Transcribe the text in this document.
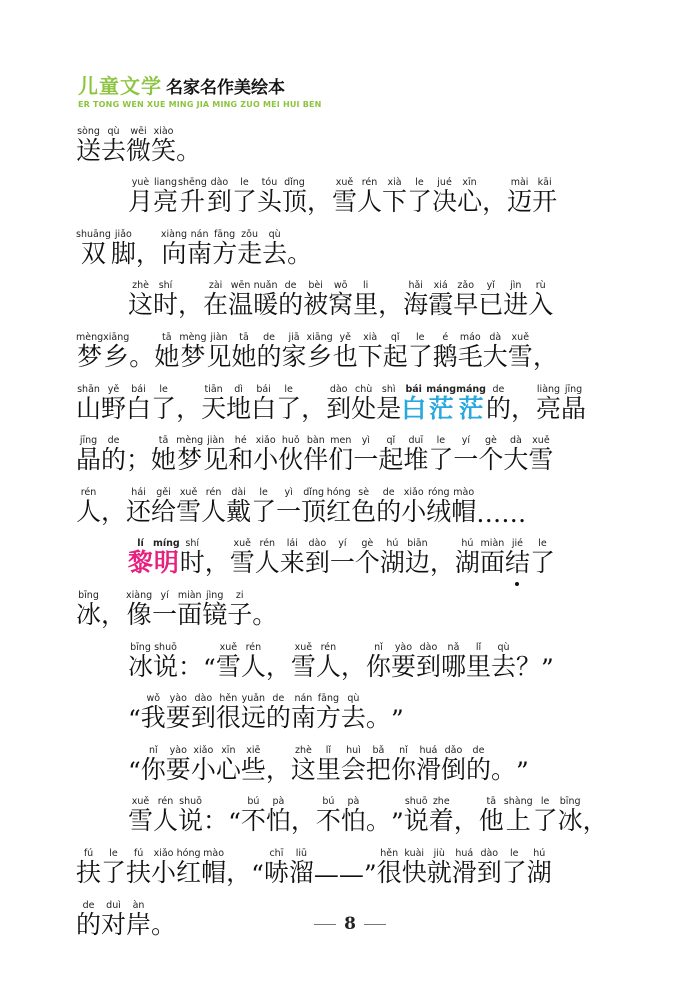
儿童文学 名家名作美绘本
ER TONG WEN XUE MING JIA MING ZUO MEI HUI BEN
送sòng
去qù
微wēi
笑xiào
。
月yuè
亮liang
升shēng
到dào
了le
头tóu
顶dǐng
， 雪xuě
人rén
下xià
了le
决jué
心xīn
， 迈mài
开kāi
双shuāng
脚jiǎo
， 向xiàng
南nán
方fāng
走zǒu
去qù
。
这zhè
时shí
， 在zài
温wēn
暖nuǎn
的de
被bèi
窝wō
里li
， 海hǎi
霞xiá
早zǎo
已yǐ
进jìn
入rù
梦mèng
乡xiāng
。 她tā
梦mèng
见jiàn
她tā
的de
家jiā
乡xiāng
也yě
下xià
起qǐ
了le
鹅é
毛máo
大dà
雪xuě
，
山shān
野yě
白bái
了le
， 天tiān
地dì
白bái
了le
， 到dào
处chù
是shì
白bái
茫máng
茫máng
的de
， 亮liàng
晶jīng
晶jīng
的de
； 她tā
梦mèng
见jiàn
和hé
小xiǎo
伙huǒ
伴bàn
们men
一yì
起qǐ
堆duī
了le
一yí
个gè
大dà
雪xuě
人rén
， 还hái
给gěi
雪xuě
人rén
戴dài
了le
一yì
顶dǐng
红hóng
色sè
的de
小xiǎo
绒róng
帽mào
……
黎lí
明míng
时shí
， 雪xuě
人rén
来lái
到dào
一yí
个gè
湖hú
边biān
， 湖hú
面miàn
结jié
了le
冰bīng
， 像xiàng
一yí
面miàn
镜jìng
子zi
。
冰bīng
说shuō
： “ 雪xuě
人rén
， 雪xuě
人rén
， 你nǐ
要yào
到dào
哪nǎ
里lǐ
去qù
？ ”
“ 我wǒ
要yào
到dào
很hěn
远yuǎn
的de
南nán
方fāng
去qù
。 ”
“ 你nǐ
要yào
小xiǎo
心xīn
些xiē
， 这zhè
里lǐ
会huì
把bǎ
你nǐ
滑huá
倒dǎo
的de
。 ”
雪xuě
人rén
说shuō
： “ 不bú
怕pà
， 不bú
怕pà
。 ” 说shuō
着zhe
， 他tā
上shàng
了le
冰bīng
，
扶fú
了le
扶fú
小xiǎo
红hóng
帽mào
， “ 哧chī
溜liū
—— ” 很hěn
快kuài
就jiù
滑huá
到dào
了le
湖hú
的de
对duì
岸àn
。	8
